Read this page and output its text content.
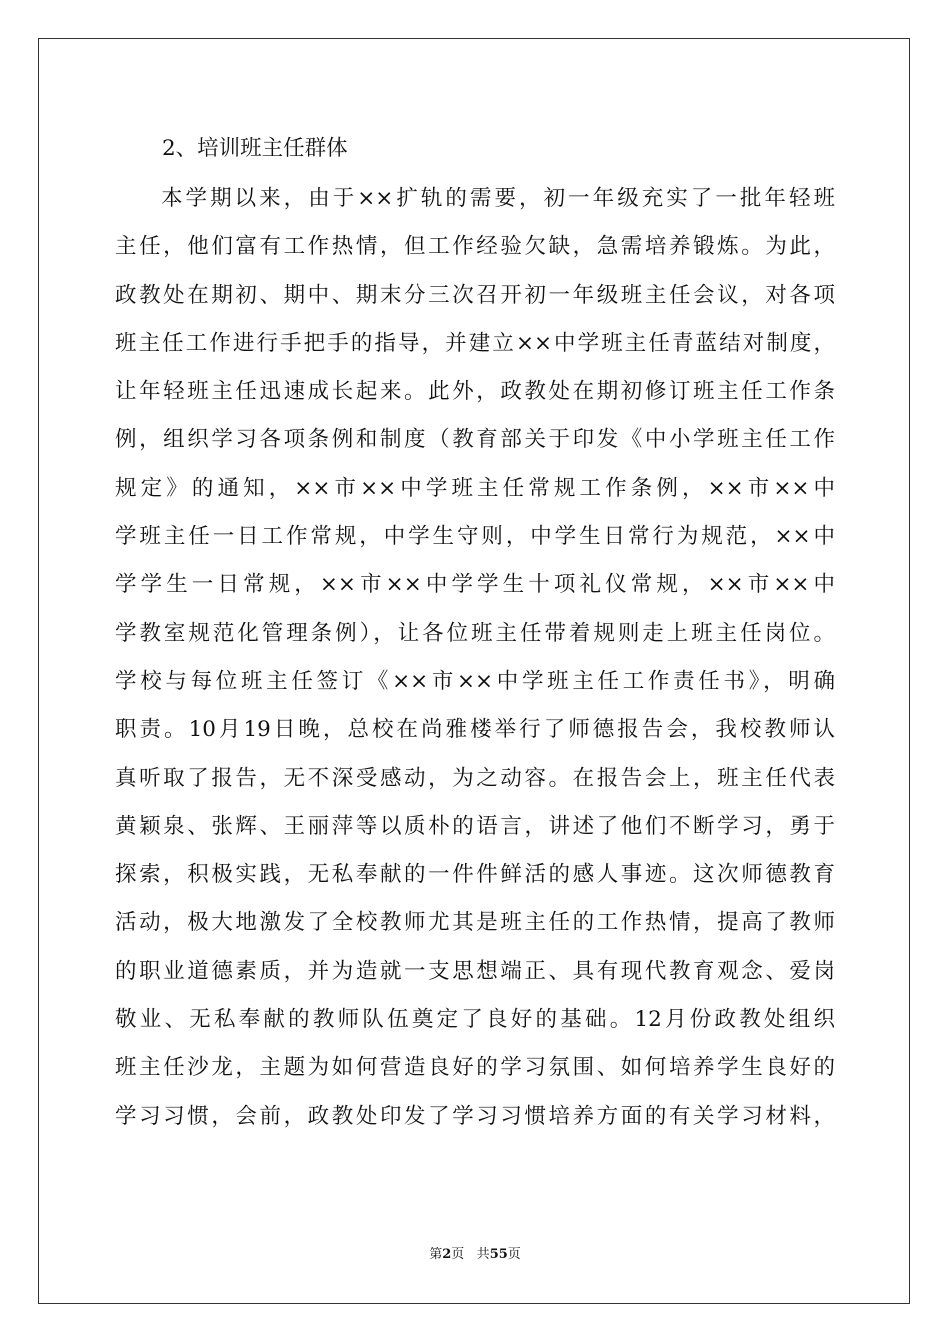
2、培训班主任群体
本学期以来，由于××扩轨的需要，初一年级充实了一批年轻班
主任，他们富有工作热情，但工作经验欠缺，急需培养锻炼。为此，
政教处在期初、期中、期末分三次召开初一年级班主任会议，对各项
班主任工作进行手把手的指导，并建立××中学班主任青蓝结对制度，
让年轻班主任迅速成长起来。此外，政教处在期初修订班主任工作条
例，组织学习各项条例和制度（教育部关于印发《中小学班主任工作
规定》的通知，××市××中学班主任常规工作条例，××市××中
学班主任一日工作常规，中学生守则，中学生日常行为规范，××中
学学生一日常规，××市××中学学生十项礼仪常规，××市××中
学教室规范化管理条例），让各位班主任带着规则走上班主任岗位。
学校与每位班主任签订《××市××中学班主任工作责任书》，明确
职责。10月19日晚，总校在尚雅楼举行了师德报告会，我校教师认
真听取了报告，无不深受感动，为之动容。在报告会上，班主任代表
黄颖泉、张辉、王丽萍等以质朴的语言，讲述了他们不断学习，勇于
探索，积极实践，无私奉献的一件件鲜活的感人事迹。这次师德教育
活动，极大地激发了全校教师尤其是班主任的工作热情，提高了教师
的职业道德素质，并为造就一支思想端正、具有现代教育观念、爱岗
敬业、无私奉献的教师队伍奠定了良好的基础。12月份政教处组织
班主任沙龙，主题为如何营造良好的学习氛围、如何培养学生良好的
学习习惯，会前，政教处印发了学习习惯培养方面的有关学习材料，
第2页 共55页
